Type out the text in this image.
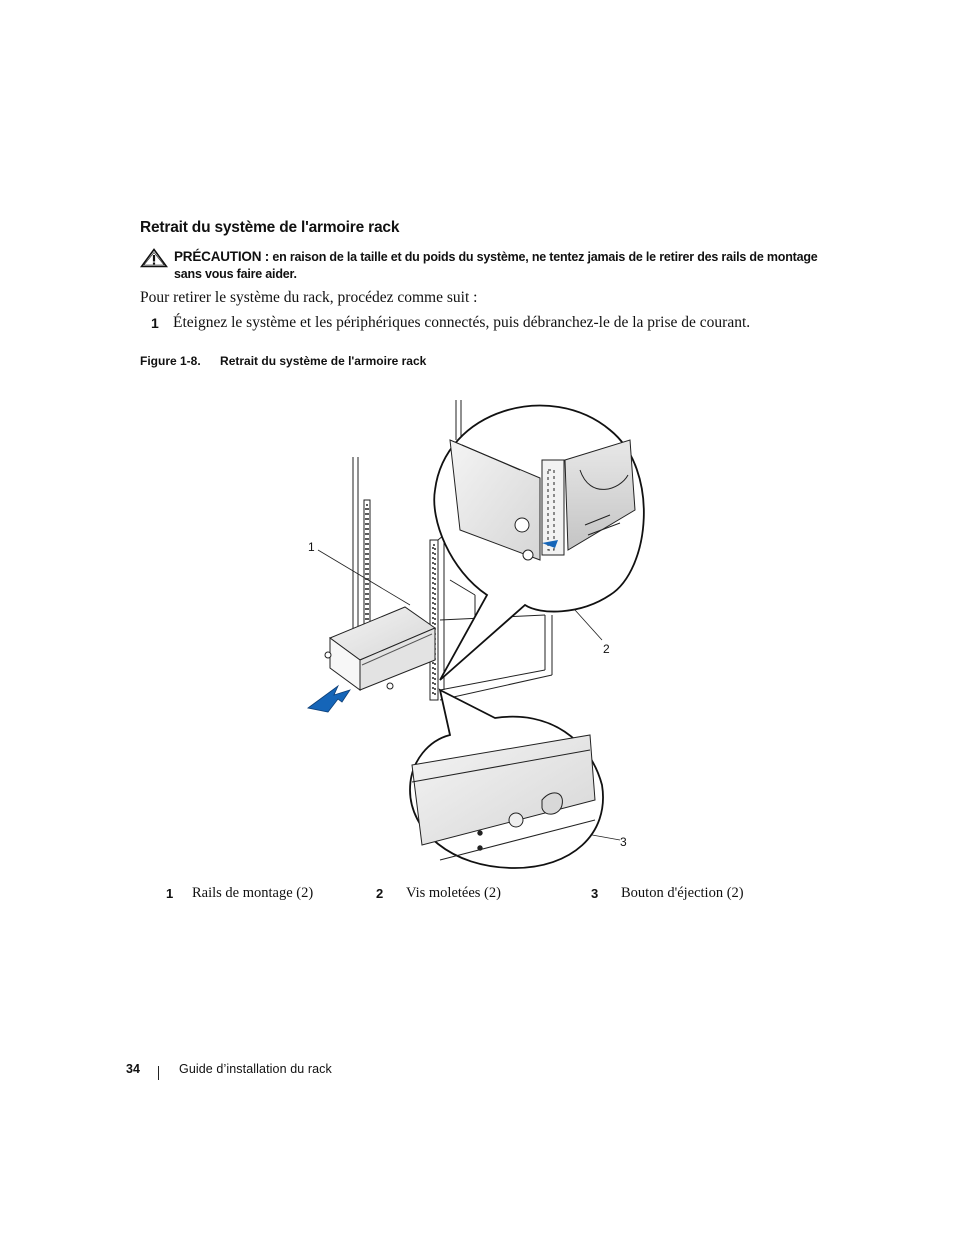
Retrait du système de l'armoire rack
PRÉCAUTION : en raison de la taille et du poids du système, ne tentez jamais de le retirer des rails de montage sans vous faire aider.
Pour retirer le système du rack, procédez comme suit :
1 Éteignez le système et les périphériques connectés, puis débranchez-le de la prise de courant.
Figure 1-8. Retrait du système de l'armoire rack
1
2
3
1 Rails de montage (2)	2 Vis moletées (2)	3 Bouton d'éjection (2)
34	Guide d’installation du rack
